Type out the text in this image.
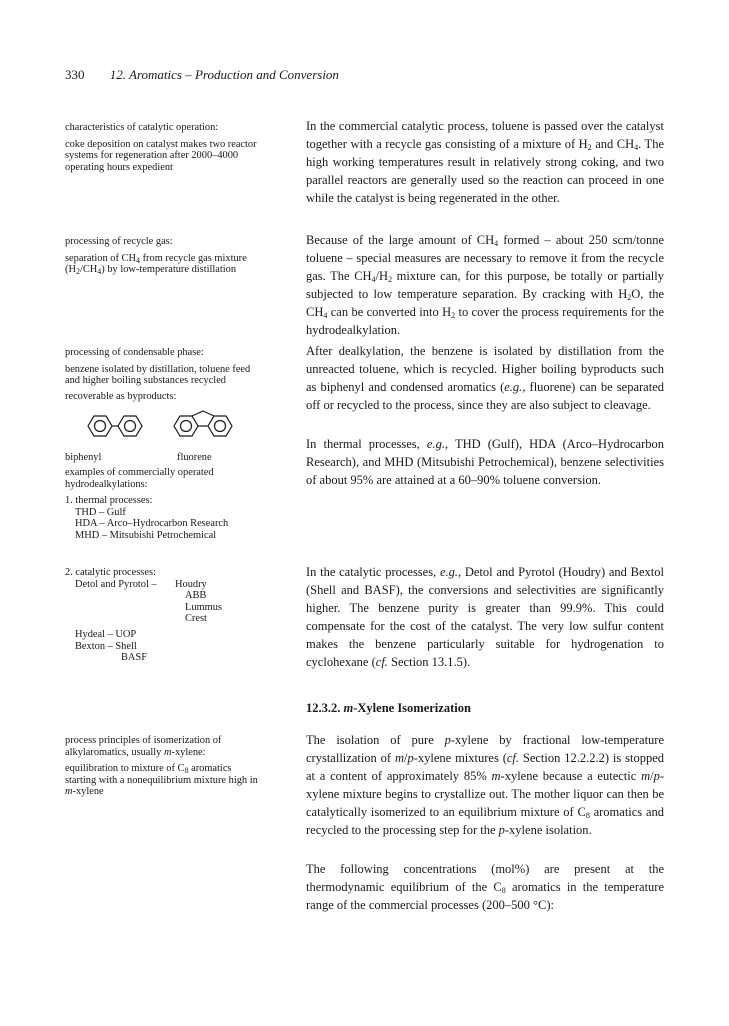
330 12. Aromatics – Production and Conversion

characteristics of catalytic operation:

coke deposition on catalyst makes two reactor systems for regeneration after 2000–4000 operating hours expedient

processing of recycle gas:

separation of $CH_4$ from recycle gas mixture $(H_2/CH_4)$ by low-temperature distillation

processing of condensable phase:

benzene isolated by distillation, toluene feed and higher boiling substances recycled

recoverable as byproducts:

biphenyl	fluorene

examples of commercially operated hydrodealkylations:

1. thermal processes:

THD – Gulf
HDA – Arco–Hydrocarbon Research
MHD – Mitsubishi Petrochemical

2. catalytic processes:

Detol and Pyrotol –	Houdry
ABB Lummus Crest
Hydeal – UOP
Bexton – Shell
BASF

process principles of isomerization of alkylaromatics, usually m-xylene:

equilibration to mixture of $C_8$ aromatics starting with a nonequilibrium mixture high in m-xylene

In the commercial catalytic process, toluene is passed over the catalyst together with a recycle gas consisting of a mixture of $H_2$ and $CH_4$. The high working temperatures result in relatively strong coking, and two parallel reactors are generally used so the reaction can proceed in one while the catalyst is being regenerated in the other.

Because of the large amount of $CH_4$ formed – about 250 scm/tonne toluene – special measures are necessary to remove it from the recycle gas. The $CH_4/H_2$ mixture can, for this purpose, be totally or partially subjected to low temperature separation. By cracking with $H_2O$, the $CH_4$ can be converted into $H_2$ to cover the process requirements for the hydrodealkylation.

After dealkylation, the benzene is isolated by distillation from the unreacted toluene, which is recycled. Higher boiling byproducts such as biphenyl and condensed aromatics (e.g., fluorene) can be separated off or recycled to the process, since they are also subject to cleavage.

In thermal processes, e.g., THD (Gulf), HDA (Arco–Hydrocarbon Research), and MHD (Mitsubishi Petrochemical), benzene selectivities of about 95% are attained at a 60–90% toluene conversion.

In the catalytic processes, e.g., Detol and Pyrotol (Houdry) and Bextol (Shell and BASF), the conversions and selectivities are significantly higher. The benzene purity is greater than 99.9%. This could compensate for the cost of the catalyst. The very low sulfur content makes the benzene particularly suitable for hydrogenation to cyclohexane (cf. Section 13.1.5).

12.3.2. m-Xylene Isomerization

The isolation of pure p-xylene by fractional low-temperature crystallization of m/p-xylene mixtures (cf. Section 12.2.2.2) is stopped at a content of approximately 85% m-xylene because a eutectic m/p-xylene mixture begins to crystallize out. The mother liquor can then be catalytically isomerized to an equilibrium mixture of $C_8$ aromatics and recycled to the processing step for the p-xylene isolation.

The following concentrations (mol%) are present at the thermodynamic equilibrium of the $C_8$ aromatics in the temperature range of the commercial processes (200–500 °C):
